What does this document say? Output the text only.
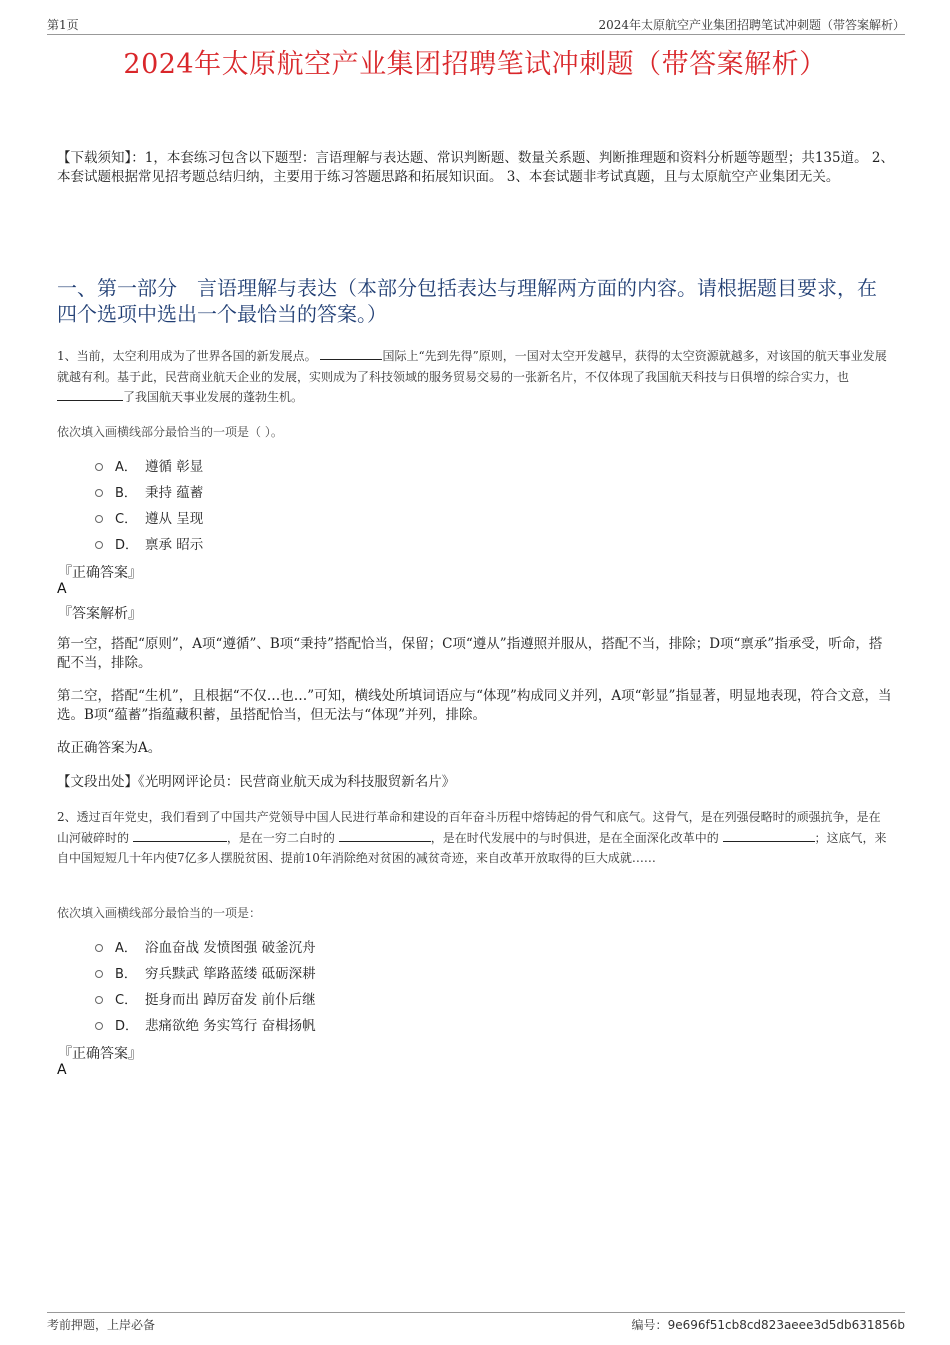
第1页	2024年太原航空产业集团招聘笔试冲刺题（带答案解析）
2024年太原航空产业集团招聘笔试冲刺题（带答案解析）
【下载须知】：1，本套练习包含以下题型：言语理解与表达题、常识判断题、数量关系题、判断推理题和资料分析题等题型；共135道。 2、本套试题根据常见招考题总结归纳，主要用于练习答题思路和拓展知识面。 3、本套试题非考试真题，且与太原航空产业集团无关。
一、第一部分　言语理解与表达（本部分包括表达与理解两方面的内容。请根据题目要求，在四个选项中选出一个最恰当的答案。）
1、当前，太空利用成为了世界各国的新发展点。	国际上“先到先得”原则，一国对太空开发越早，获得的太空资源就越多，对该国的航天事业发展就越有利。基于此，民营商业航天企业的发展，实则成为了科技领域的服务贸易交易的一张新名片，不仅体现了我国航天科技与日俱增的综合实力，也 了我国航天事业发展的蓬勃生机。
依次填入画横线部分最恰当的一项是（ ）。
A． 遵循 彰显
B． 秉持 蕴蓄
C． 遵从 呈现
D． 禀承 昭示
『正确答案』
A
『答案解析』
第一空，搭配“原则”，A项“遵循”、B项“秉持”搭配恰当，保留；C项“遵从”指遵照并服从，搭配不当，排除；D项“禀承”指承受，听命，搭配不当，排除。
第二空，搭配“生机”，且根据“不仅…也…”可知，横线处所填词语应与“体现”构成同义并列，A项“彰显”指显著，明显地表现，符合文意，当选。B项“蕴蓄”指蕴藏积蓄，虽搭配恰当，但无法与“体现”并列，排除。
故正确答案为A。
【文段出处】《光明网评论员：民营商业航天成为科技服贸新名片》
2、透过百年党史，我们看到了中国共产党领导中国人民进行革命和建设的百年奋斗历程中熔铸起的骨气和底气。这骨气，是在列强侵略时的顽强抗争，是在山河破碎时的	，是在一穷二白时的	，是在时代发展中的与时俱进，是在全面深化改革中的	；这底气，来自中国短短几十年内使7亿多人摆脱贫困、提前10年消除绝对贫困的减贫奇迹，来自改革开放取得的巨大成就……
依次填入画横线部分最恰当的一项是：
A． 浴血奋战 发愤图强 破釜沉舟
B． 穷兵黩武 筚路蓝缕 砥砺深耕
C． 挺身而出 踔厉奋发 前仆后继
D． 悲痛欲绝 务实笃行 奋楫扬帆
『正确答案』
A
考前押题，上岸必备	编号：9e696f51cb8cd823aeee3d5db631856b
